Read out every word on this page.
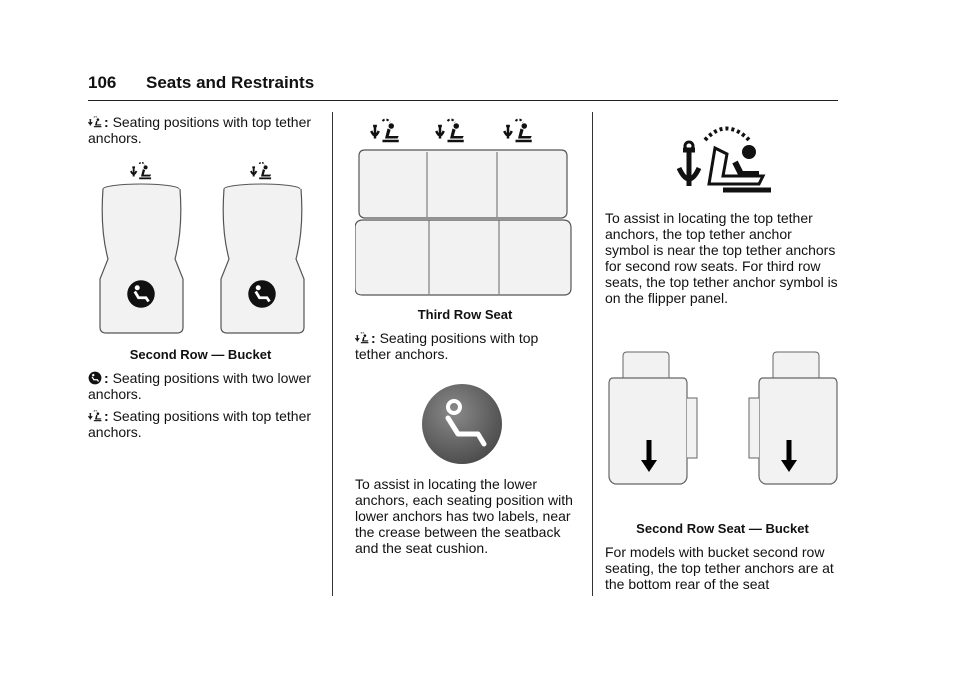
106 Seats and Restraints

: Seating positions with top tether anchors.

Second Row — Bucket

: Seating positions with two lower anchors.

: Seating positions with top tether anchors.

Third Row Seat

: Seating positions with top tether anchors.

To assist in locating the lower anchors, each seating position with lower anchors has two labels, near the crease between the seatback and the seat cushion.

To assist in locating the top tether anchors, the top tether anchor symbol is near the top tether anchors for second row seats. For third row seats, the top tether anchor symbol is on the flipper panel.

Second Row Seat — Bucket

For models with bucket second row seating, the top tether anchors are at the bottom rear of the seat
